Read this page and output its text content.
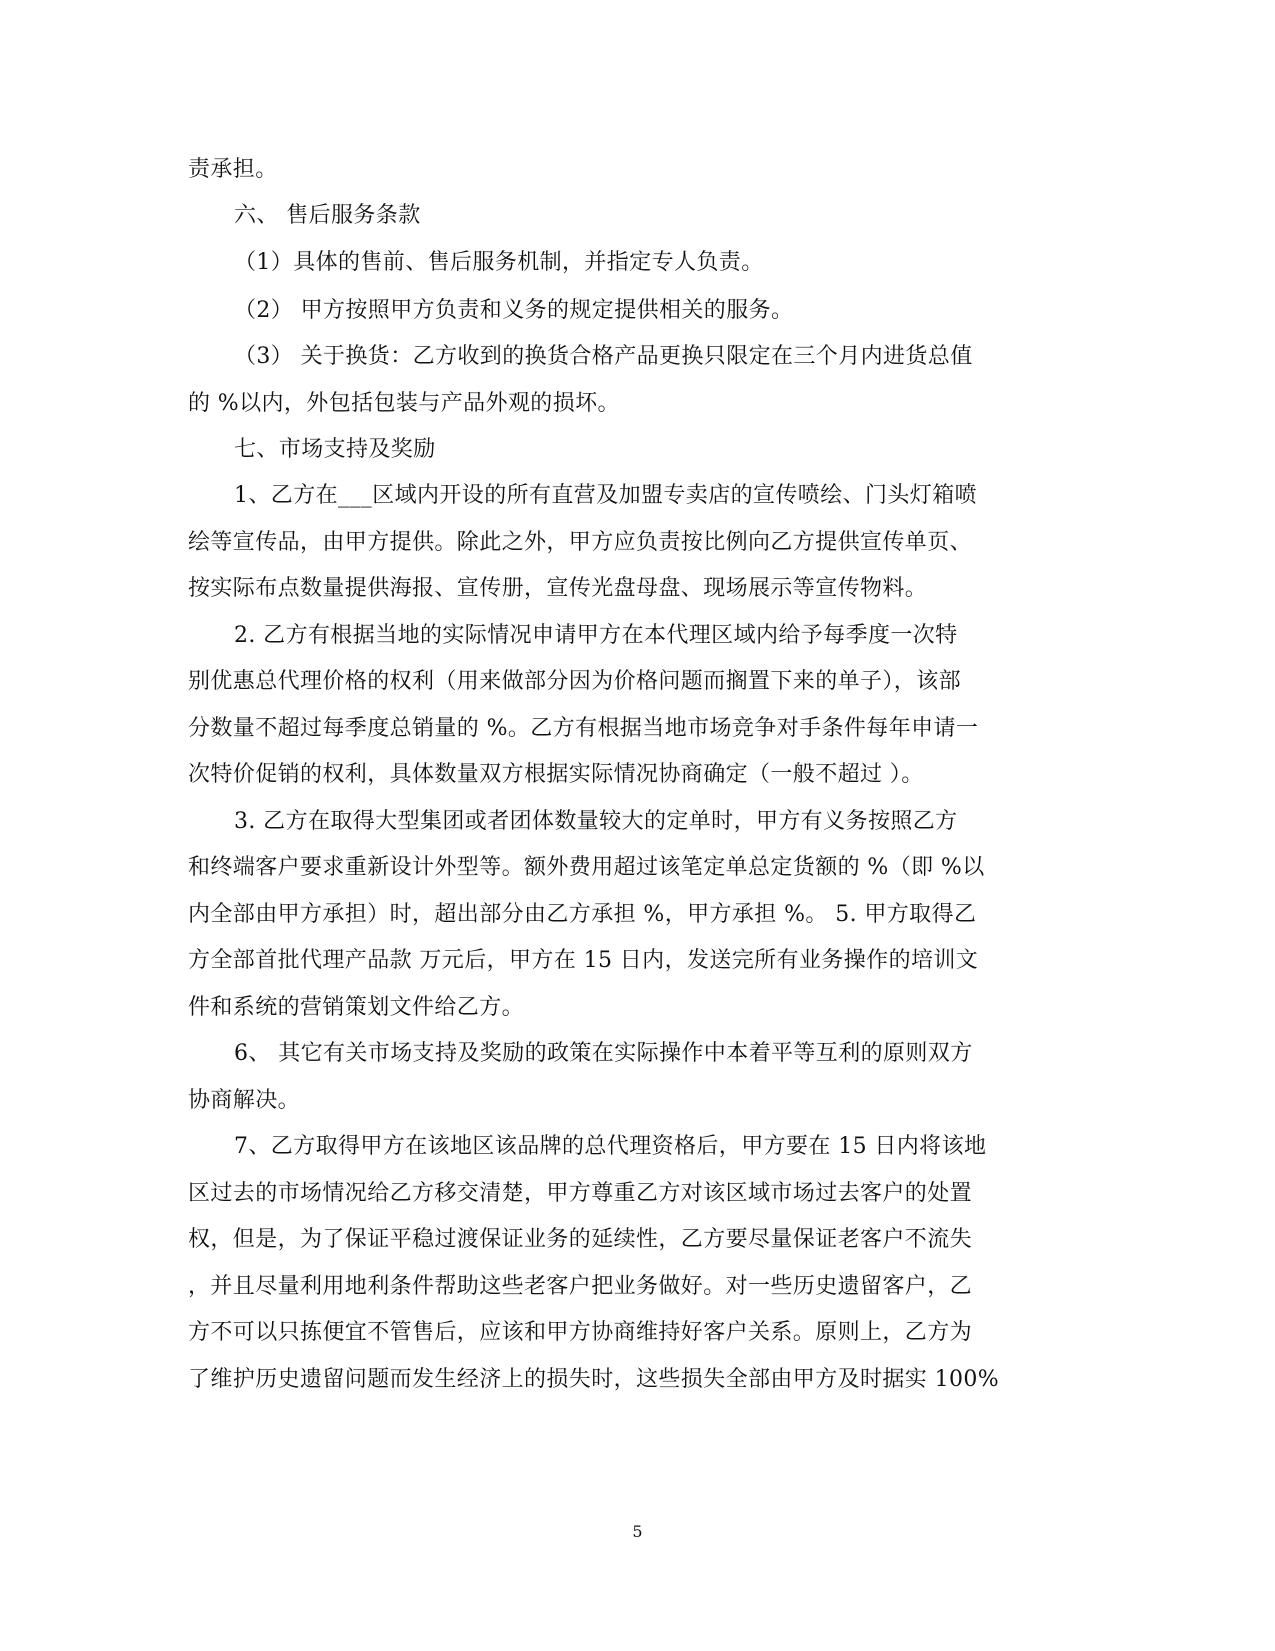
责承担。
六、 售后服务条款
（1）具体的售前、售后服务机制，并指定专人负责。
（2） 甲方按照甲方负责和义务的规定提供相关的服务。
（3） 关于换货：乙方收到的换货合格产品更换只限定在三个月内进货总值
的 %以内，外包括包装与产品外观的损坏。
七、市场支持及奖励
1、乙方在___区域内开设的所有直营及加盟专卖店的宣传喷绘、门头灯箱喷
绘等宣传品，由甲方提供。除此之外，甲方应负责按比例向乙方提供宣传单页、
按实际布点数量提供海报、宣传册，宣传光盘母盘、现场展示等宣传物料。
2. 乙方有根据当地的实际情况申请甲方在本代理区域内给予每季度一次特
别优惠总代理价格的权利（用来做部分因为价格问题而搁置下来的单子），该部
分数量不超过每季度总销量的 %。乙方有根据当地市场竞争对手条件每年申请一
次特价促销的权利，具体数量双方根据实际情况协商确定（一般不超过 ）。
3. 乙方在取得大型集团或者团体数量较大的定单时，甲方有义务按照乙方
和终端客户要求重新设计外型等。额外费用超过该笔定单总定货额的 %（即 %以
内全部由甲方承担）时，超出部分由乙方承担 %，甲方承担 %。 5. 甲方取得乙
方全部首批代理产品款 万元后，甲方在 15 日内，发送完所有业务操作的培训文
件和系统的营销策划文件给乙方。
6、 其它有关市场支持及奖励的政策在实际操作中本着平等互利的原则双方
协商解决。
7、乙方取得甲方在该地区该品牌的总代理资格后，甲方要在 15 日内将该地
区过去的市场情况给乙方移交清楚，甲方尊重乙方对该区域市场过去客户的处置
权，但是，为了保证平稳过渡保证业务的延续性，乙方要尽量保证老客户不流失
，并且尽量利用地利条件帮助这些老客户把业务做好。对一些历史遗留客户，乙
方不可以只拣便宜不管售后，应该和甲方协商维持好客户关系。原则上，乙方为
了维护历史遗留问题而发生经济上的损失时，这些损失全部由甲方及时据实 100%
5
